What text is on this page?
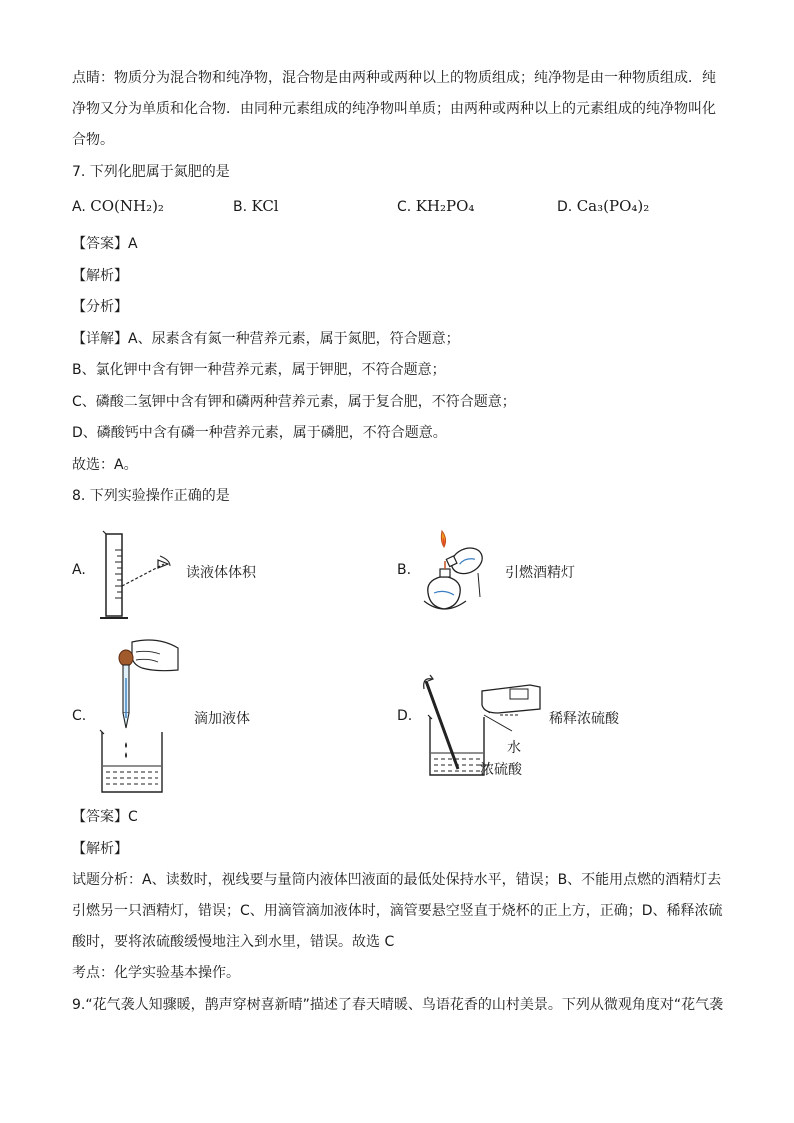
点睛：物质分为混合物和纯净物，混合物是由两种或两种以上的物质组成；纯净物是由一种物质组成．纯
净物又分为单质和化合物．由同种元素组成的纯净物叫单质；由两种或两种以上的元素组成的纯净物叫化
合物。
7. 下列化肥属于氮肥的是
A. CO(NH₂)₂	B. KCl	C. KH₂PO₄	D. Ca₃(PO₄)₂
【答案】A
【解析】
【分析】
【详解】A、尿素含有氮一种营养元素，属于氮肥，符合题意；
B、氯化钾中含有钾一种营养元素，属于钾肥，不符合题意；
C、磷酸二氢钾中含有钾和磷两种营养元素，属于复合肥，不符合题意；
D、磷酸钙中含有磷一种营养元素，属于磷肥，不符合题意。
故选：A。
8. 下列实验操作正确的是
A.	读液体体积	B.	引燃酒精灯
C.	滴加液体	D.	稀释浓硫酸
水
浓硫酸
【答案】C
【解析】
试题分析：A、读数时，视线要与量筒内液体凹液面的最低处保持水平，错误；B、不能用点燃的酒精灯去
引燃另一只酒精灯，错误；C、用滴管滴加液体时，滴管要悬空竖直于烧杯的正上方，正确；D、稀释浓硫
酸时，要将浓硫酸缓慢地注入到水里，错误。故选 C
考点：化学实验基本操作。
9.“花气袭人知骤暖，鹊声穿树喜新晴”描述了春天晴暖、鸟语花香的山村美景。下列从微观角度对“花气袭
